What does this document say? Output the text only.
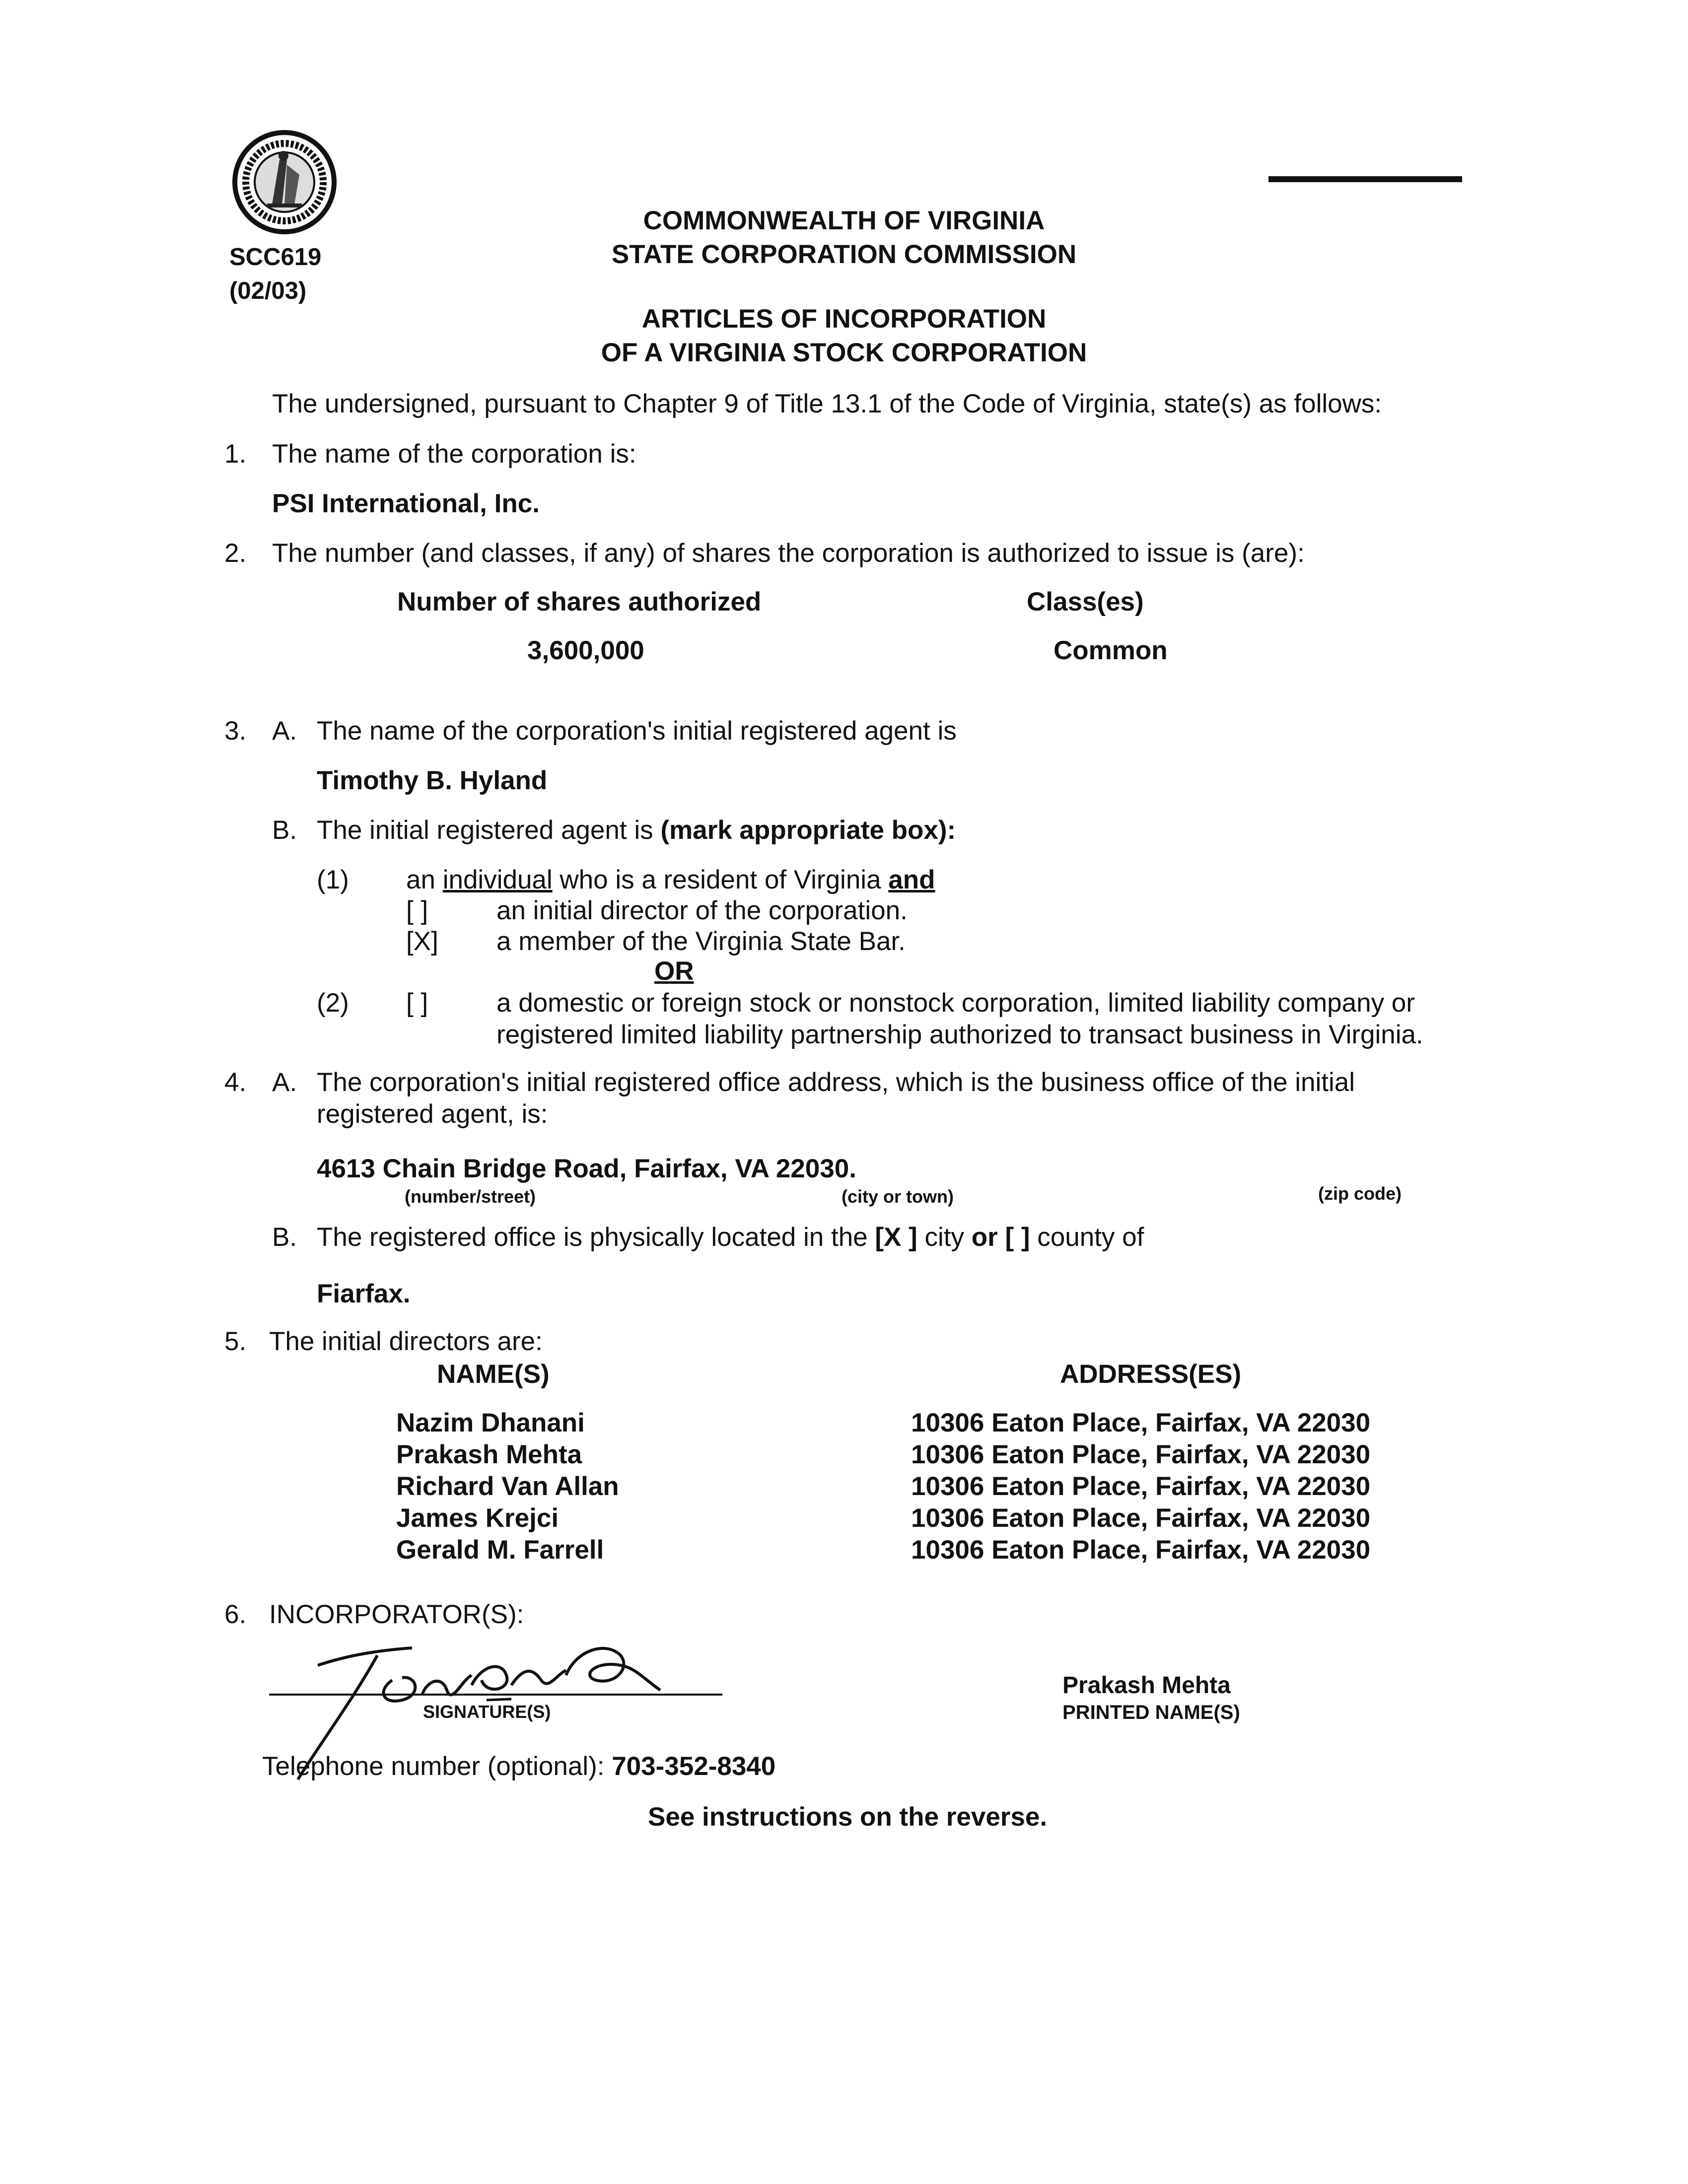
SCC619
(02/03)
COMMONWEALTH OF VIRGINIA
STATE CORPORATION COMMISSION
ARTICLES OF INCORPORATION
OF A VIRGINIA STOCK CORPORATION
The undersigned, pursuant to Chapter 9 of Title 13.1 of the Code of Virginia, state(s) as follows:
1. The name of the corporation is:
PSI International, Inc.
2. The number (and classes, if any) of shares the corporation is authorized to issue is (are):
Number of shares authorized	Class(es)
3,600,000	Common
3. A. The name of the corporation's initial registered agent is
Timothy B. Hyland
B. The initial registered agent is (mark appropriate box):
(1) an individual who is a resident of Virginia and
[ ]	an initial director of the corporation.
[X] a member of the Virginia State Bar.
OR
(2) [ ]	a domestic or foreign stock or nonstock corporation, limited liability company or
registered limited liability partnership authorized to transact business in Virginia.
4. A. The corporation's initial registered office address, which is the business office of the initial
registered agent, is:
4613 Chain Bridge Road, Fairfax, VA 22030.
(number/street)	(city or town)	(zip code)
B. The registered office is physically located in the [X ] city or [ ] county of
Fiarfax.
5. The initial directors are:
NAME(S)	ADDRESS(ES)
Nazim Dhanani	10306 Eaton Place, Fairfax, VA 22030
Prakash Mehta	10306 Eaton Place, Fairfax, VA 22030
Richard Van Allan	10306 Eaton Place, Fairfax, VA 22030
James Krejci	10306 Eaton Place, Fairfax, VA 22030
Gerald M. Farrell	10306 Eaton Place, Fairfax, VA 22030
6. INCORPORATOR(S):
SIGNATURE(S)
Prakash Mehta
PRINTED NAME(S)
Telephone number (optional): 703-352-8340
See instructions on the reverse.
